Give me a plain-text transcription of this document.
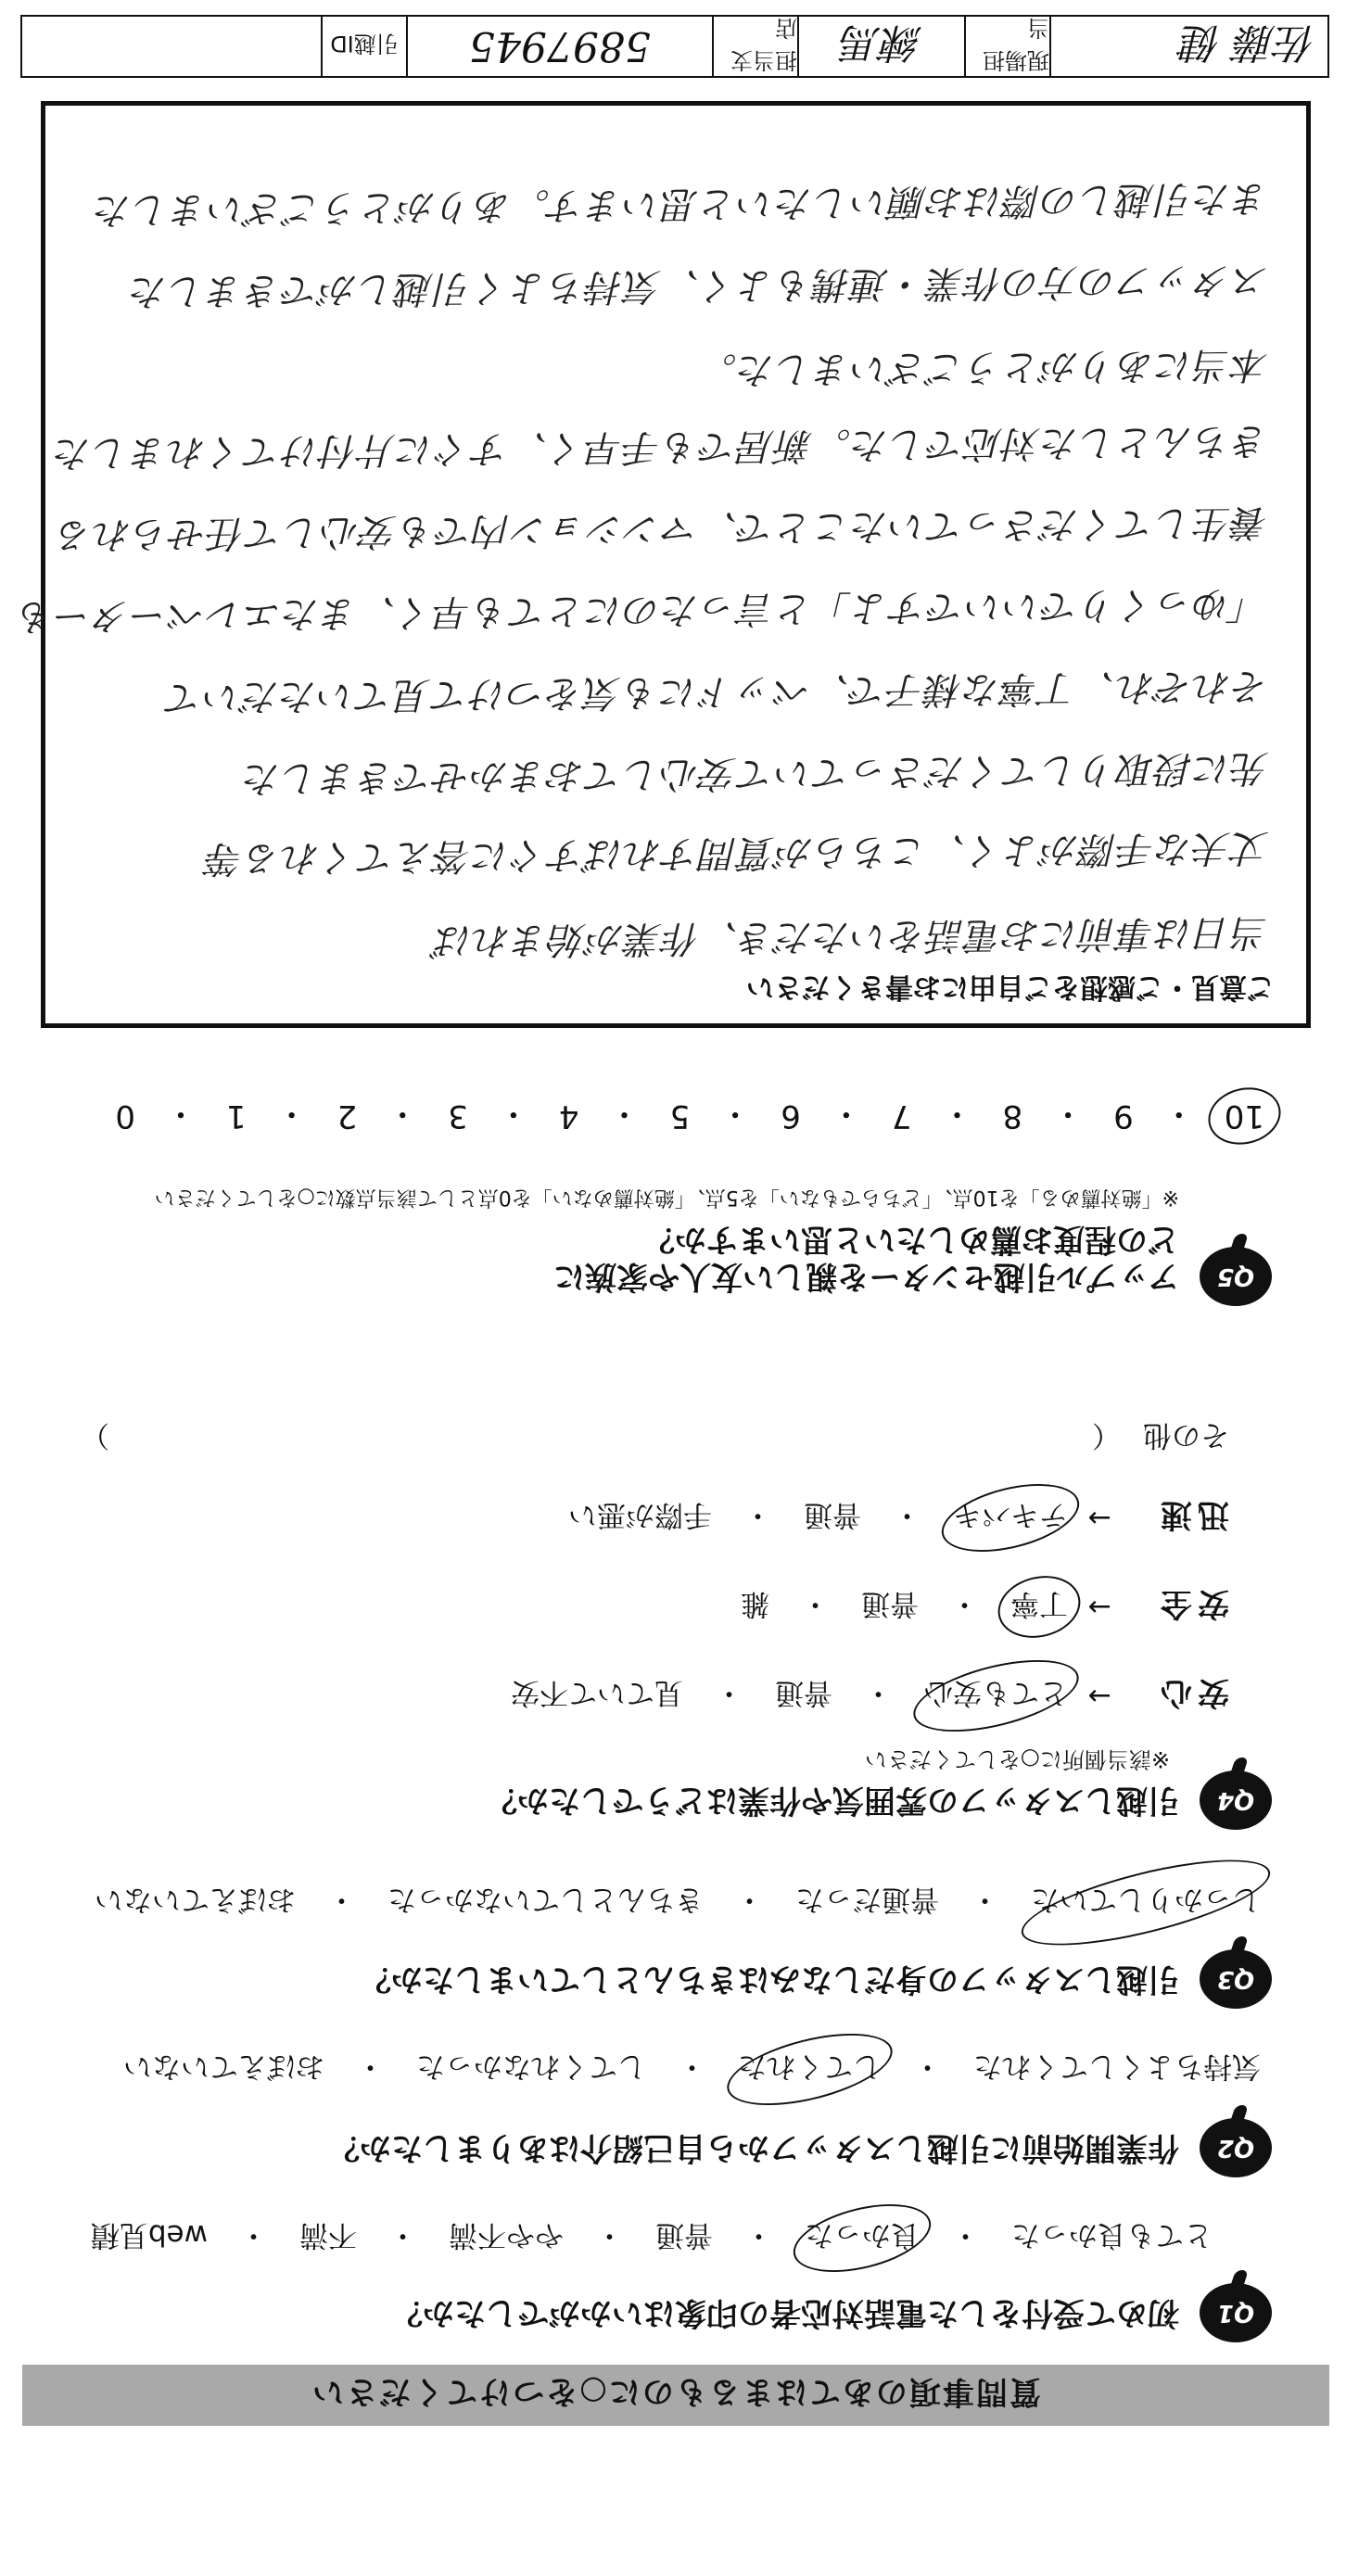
質問事項のあてはまるものに○をつけてください
Q1
初めて受付をした電話対応者の印象はいかがでしたか？
とても良かった
・
良かった
・
普通
・
やや不満
・
不満
・
web見積
Q2
作業開始前に引越しスタッフから自己紹介はありましたか？
気持ちよくしてくれた
・
してくれた
・
してくれなかった
・
おぼえていない
Q3
引越しスタッフの身だしなみはきちんとしていましたか？
しっかりしていた
・
普通だった
・
きちんとしていなかった
・
おぼえていない
Q4
引越しスタッフの雰囲気や作業はどうでしたか？
※該当個所に○をしてください
安心
→
とても安心
・
普通
・
見ていて不安
安全
→
丁寧
・
普通
・
雑
迅速
→
テキパキ
・
普通
・
手際が悪い
その他
（
）
Q5
アップル引越センターを親しい友人や家族に
どの程度お薦めしたいと思いますか？
※「絶対薦める」を10点、「どちらでもない」を5点、「絶対薦めない」を0点として該当点数に○をしてください
10
・
9
・
8
・
7
・
6
・
5
・
4
・
3
・
2
・
1
・
0
ご意見・ご感想をご自由にお書きください
当日は事前にお電話をいただき、作業が始まれば
丈夫な手際がよく、こちらが質問すればすぐに答えてくれる等
先に段取りしてくださっていて安心しておまかせできました
それぞれ、丁寧な様子で、ベッドにも気をつけて見ていただいて
「ゆっくりでいいですよ」と言ったのにとても早く、またエレベーターも
養生してくださっていたことで、マンション内でも安心して任せられる
きちんとした対応でした。新居でも手早く、すぐに片付けてくれました
本当にありがとうございました。
スタッフの方の作業・連携もよく、気持ちよく引越しができました
また引越しの際はお願いしたいと思います。ありがとうございました
佐藤 健
現場担当
練馬
担当支店
5897945
引越ID
